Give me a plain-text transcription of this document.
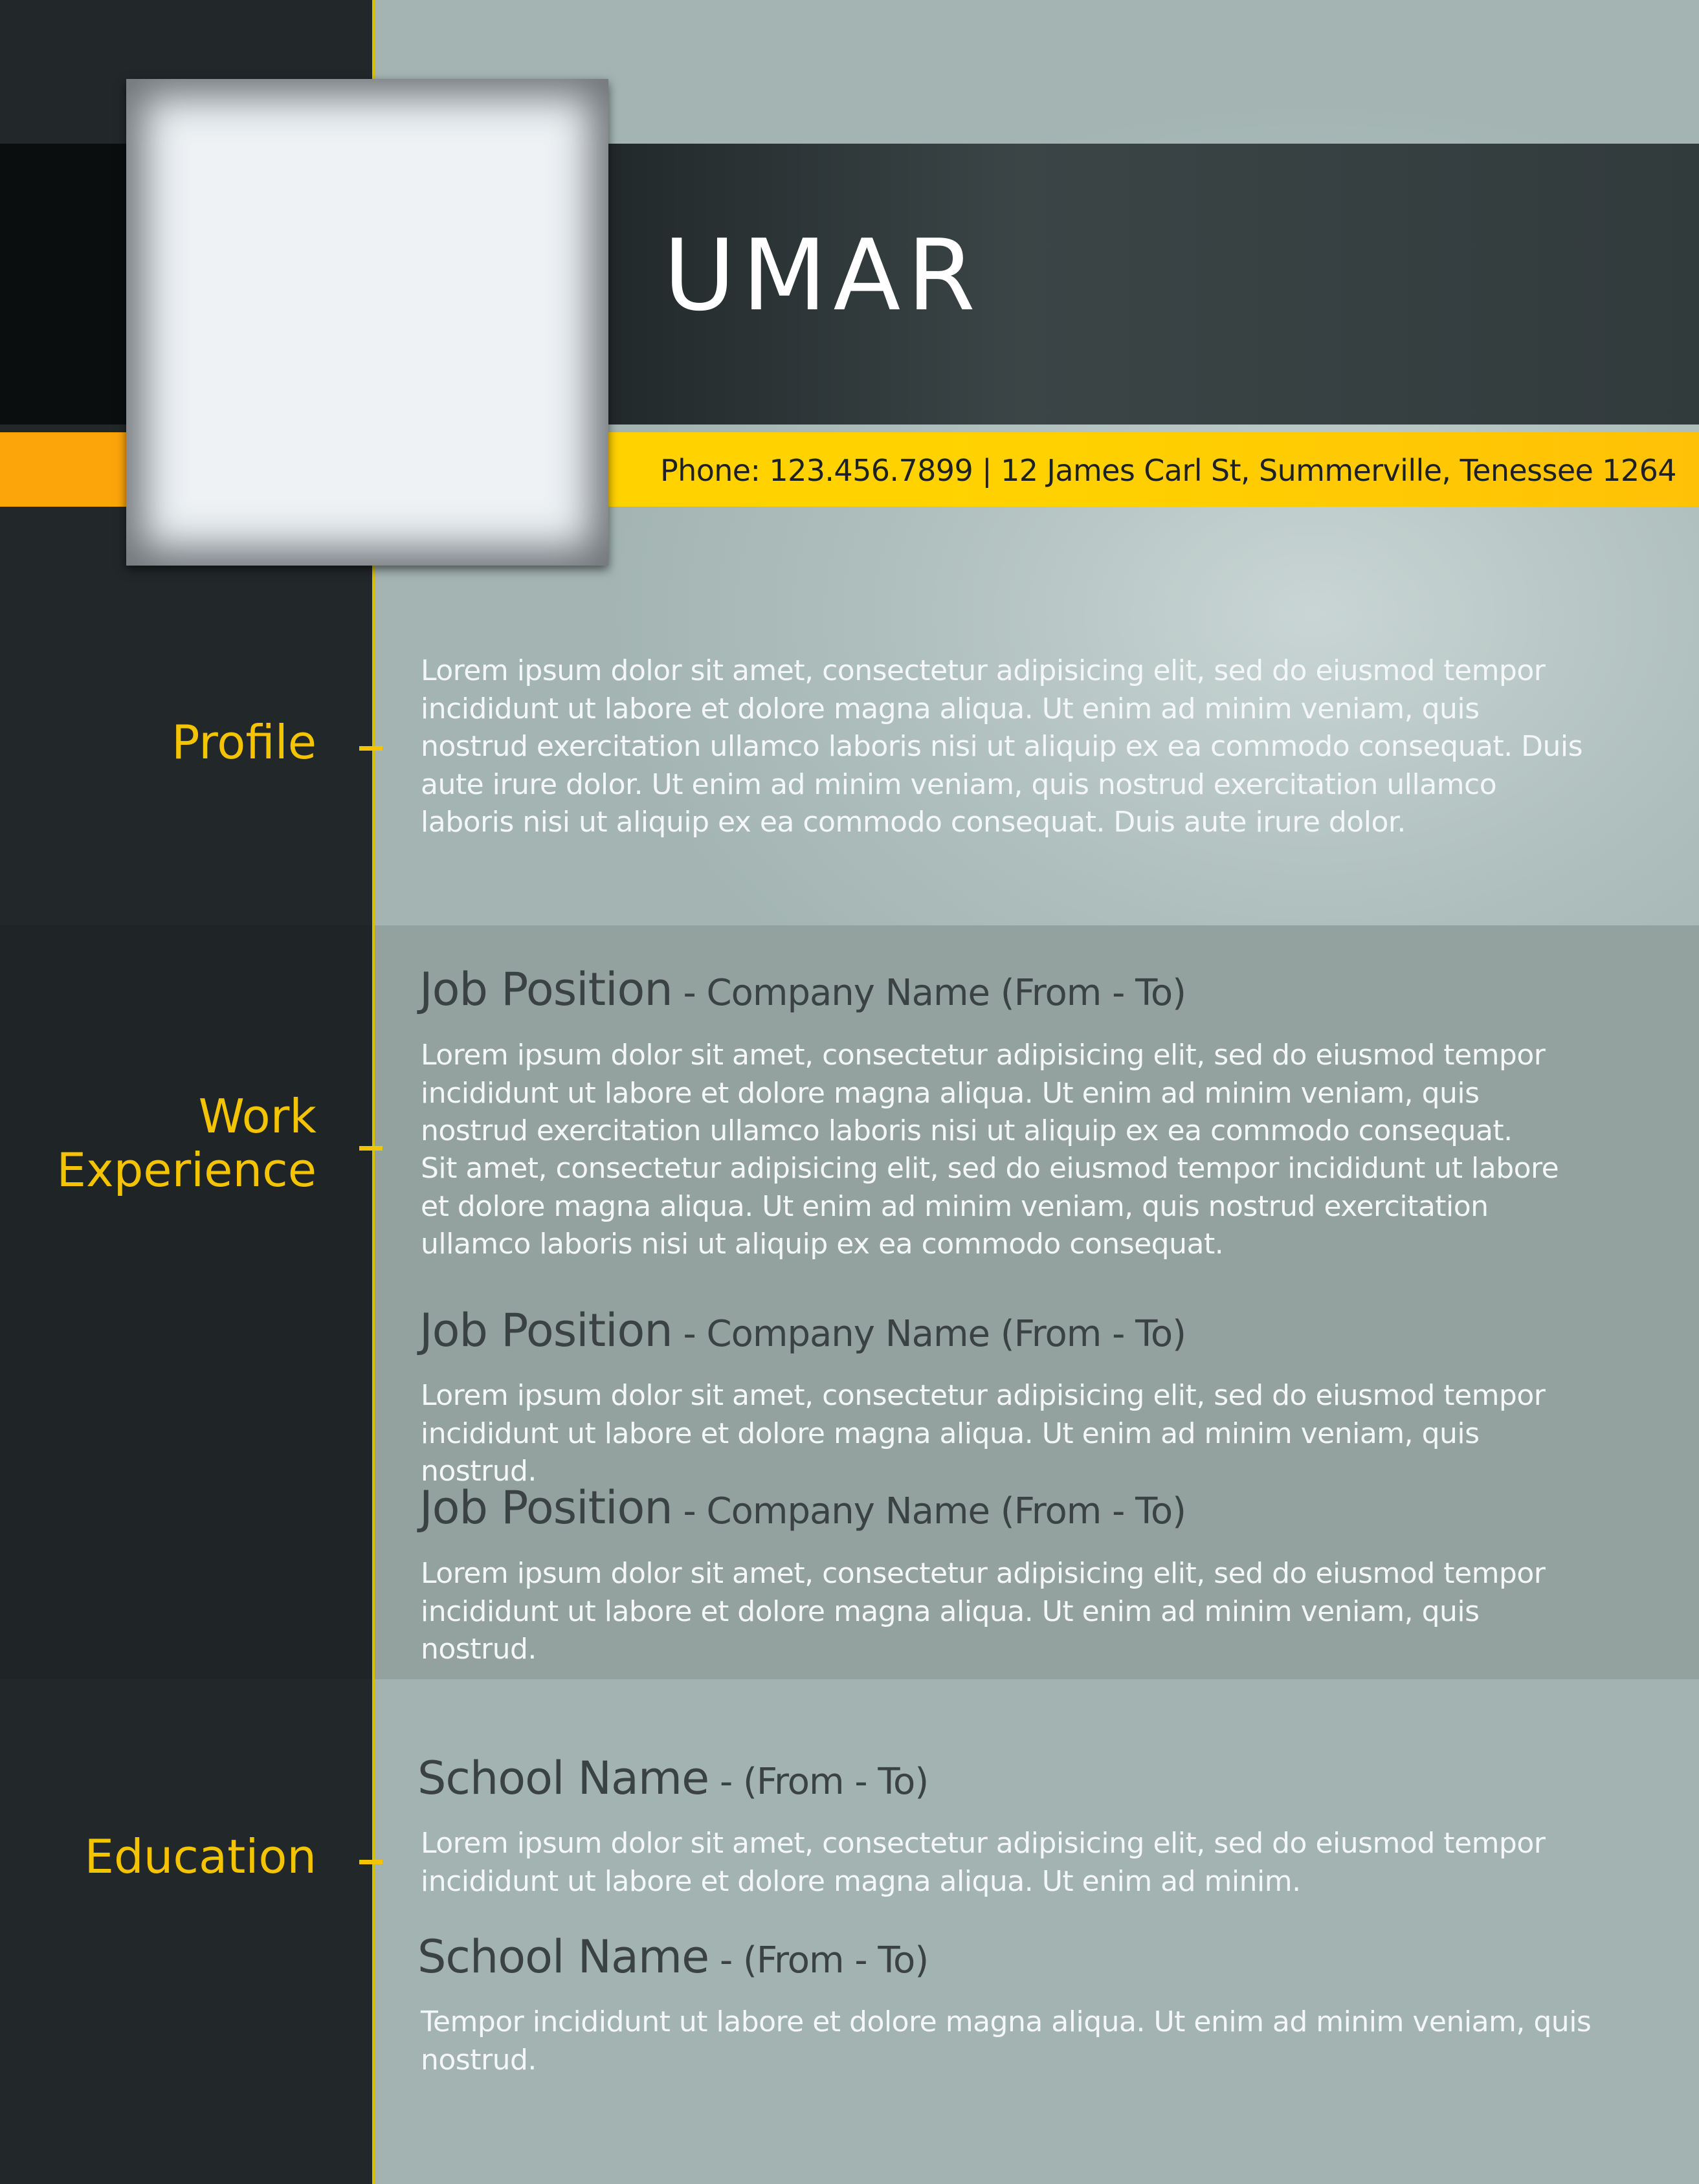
UMAR
Phone: 123.456.7899 | 12 James Carl St, Summerville, Tenessee 1264
Profile

Lorem ipsum dolor sit amet, consectetur adipisicing elit, sed do eiusmod tempor incididunt ut labore et dolore magna aliqua. Ut enim ad minim veniam, quis nostrud exercitation ullamco laboris nisi ut aliquip ex ea commodo consequat. Duis aute irure dolor. Ut enim ad minim veniam, quis nostrud exercitation ullamco laboris nisi ut aliquip ex ea commodo consequat. Duis aute irure dolor.

Work
Experience
Job Position - Company Name (From - To)

Lorem ipsum dolor sit amet, consectetur adipisicing elit, sed do eiusmod tempor incididunt ut labore et dolore magna aliqua. Ut enim ad minim veniam, quis nostrud exercitation ullamco laboris nisi ut aliquip ex ea commodo consequat.

Sit amet, consectetur adipisicing elit, sed do eiusmod tempor incididunt ut labore et dolore magna aliqua. Ut enim ad minim veniam, quis nostrud exercitation ullamco laboris nisi ut aliquip ex ea commodo consequat.

Job Position - Company Name (From - To)

Lorem ipsum dolor sit amet, consectetur adipisicing elit, sed do eiusmod tempor incididunt ut labore et dolore magna aliqua. Ut enim ad minim veniam, quis nostrud.

Job Position - Company Name (From - To)

Lorem ipsum dolor sit amet, consectetur adipisicing elit, sed do eiusmod tempor incididunt ut labore et dolore magna aliqua. Ut enim ad minim veniam, quis nostrud.

Education
School Name - (From - To)

Lorem ipsum dolor sit amet, consectetur adipisicing elit, sed do eiusmod tempor incididunt ut labore et dolore magna aliqua. Ut enim ad minim.

School Name - (From - To)

Tempor incididunt ut labore et dolore magna aliqua. Ut enim ad minim veniam, quis nostrud.
